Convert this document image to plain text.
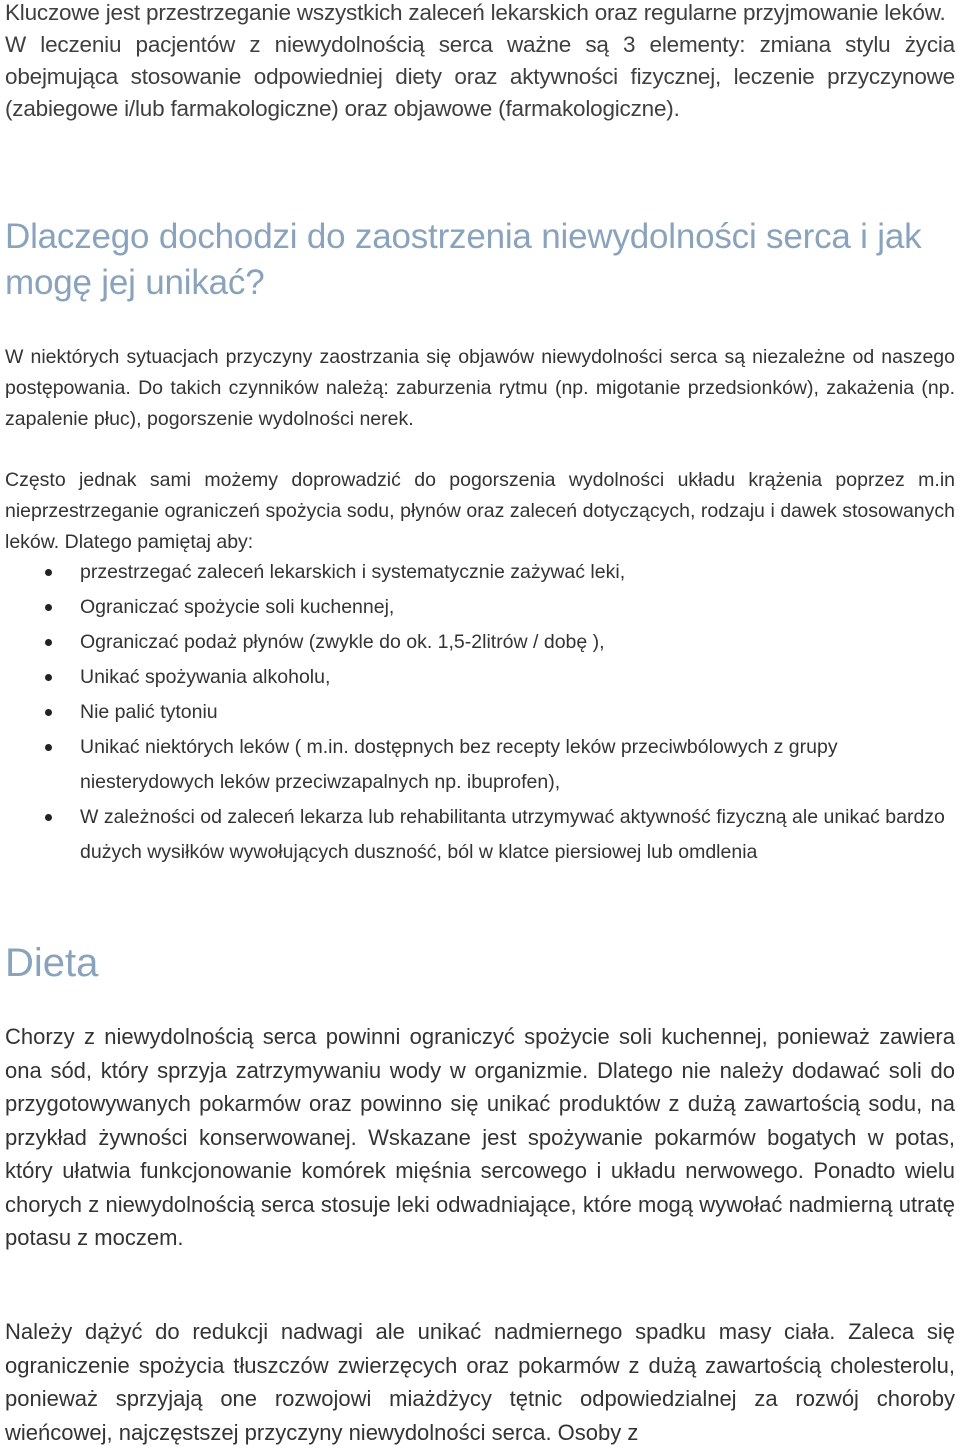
Kluczowe jest przestrzeganie wszystkich zaleceń lekarskich oraz regularne przyjmowanie leków.
W leczeniu pacjentów z niewydolnością serca ważne są 3 elementy: zmiana stylu życia obejmująca stosowanie odpowiedniej diety oraz aktywności fizycznej, leczenie przyczynowe (zabiegowe i/lub farmakologiczne) oraz objawowe (farmakologiczne).

Dlaczego dochodzi do zaostrzenia niewydolności serca i jak mogę jej unikać?

W niektórych sytuacjach przyczyny zaostrzania się objawów niewydolności serca są niezależne od naszego postępowania. Do takich czynników należą: zaburzenia rytmu (np. migotanie przedsionków), zakażenia (np. zapalenie płuc), pogorszenie wydolności nerek.

Często jednak sami możemy doprowadzić do pogorszenia wydolności układu krążenia poprzez m.in nieprzestrzeganie ograniczeń spożycia sodu, płynów oraz zaleceń dotyczących, rodzaju i dawek stosowanych leków. Dlatego pamiętaj aby:

przestrzegać zaleceń lekarskich i systematycznie zażywać leki,
Ograniczać spożycie soli kuchennej,
Ograniczać podaż płynów (zwykle do ok. 1,5-2litrów / dobę ),
Unikać spożywania alkoholu,
Nie palić tytoniu
Unikać niektórych leków ( m.in. dostępnych bez recepty leków przeciwbólowych z grupy niesterydowych leków przeciwzapalnych np. ibuprofen),
W zależności od zaleceń lekarza lub rehabilitanta utrzymywać aktywność fizyczną ale unikać bardzo dużych wysiłków wywołujących duszność, ból w klatce piersiowej lub omdlenia
Dieta

Chorzy z niewydolnością serca powinni ograniczyć spożycie soli kuchennej, ponieważ zawiera ona sód, który sprzyja zatrzymywaniu wody w organizmie. Dlatego nie należy dodawać soli do przygotowywanych pokarmów oraz powinno się unikać produktów z dużą zawartością sodu, na przykład żywności konserwowanej. Wskazane jest spożywanie pokarmów bogatych w potas, który ułatwia funkcjonowanie komórek mięśnia sercowego i układu nerwowego. Ponadto wielu chorych z niewydolnością serca stosuje leki odwadniające, które mogą wywołać nadmierną utratę potasu z moczem.

Należy dążyć do redukcji nadwagi ale unikać nadmiernego spadku masy ciała. Zaleca się ograniczenie spożycia tłuszczów zwierzęcych oraz pokarmów z dużą zawartością cholesterolu, ponieważ sprzyjają one rozwojowi miażdżycy tętnic odpowiedzialnej za rozwój choroby wieńcowej, najczęstszej przyczyny niewydolności serca. Osoby z
